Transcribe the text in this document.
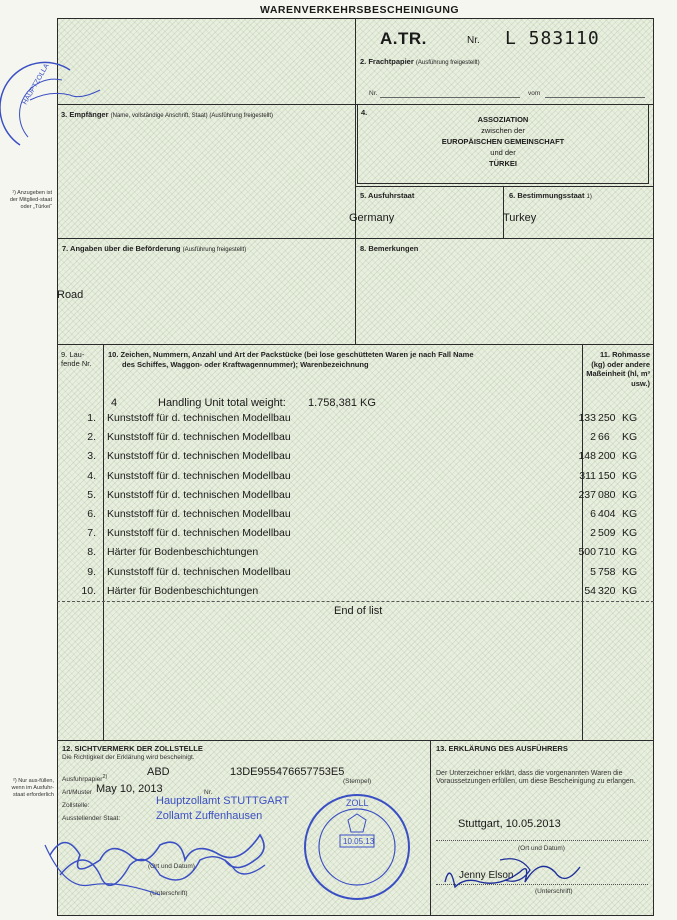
WARENVERKEHRSBESCHEINIGUNG
A.TR.	Nr. L 583110
2. Frachtpapier (Ausführung freigestellt)
Nr.	vom
3. Empfänger (Name, vollständige Anschrift, Staat) (Ausführung freigestellt)	ASSOZIATION
zwischen der
EUROPÄISCHEN GEMEINSCHAFT
und der
TÜRKEI
4.
5. Ausfuhrstaat
Germany
6. Bestimmungsstaat 1)
Turkey
¹) Anzugeben ist der Mitglied-staat oder „Türkei“
²) Nur aus-füllen, wenn im Ausfuhr-staat erforderlich
7. Angaben über die Beförderung (Ausführung freigestellt)
Road
8. Bemerkungen
9. Lau-fende Nr.
10. Zeichen, Nummern, Anzahl und Art der Packstücke (bei lose geschütteten Waren je nach Fall Name
des Schiffes, Waggon- oder Kraftwagennummer); Warenbezeichnung
11. Rohmasse (kg) oder andere Maßeinheit (hl, m³ usw.)
4	Handling Unit total weight: 1.758,381 KG
1. Kunststoff für d. technischen Modellbau	133 250 KG
2. Kunststoff für d. technischen Modellbau	2 66 KG
3. Kunststoff für d. technischen Modellbau	148 200 KG
4. Kunststoff für d. technischen Modellbau	311 150 KG
5. Kunststoff für d. technischen Modellbau	237 080 KG
6. Kunststoff für d. technischen Modellbau	6 404 KG
7. Kunststoff für d. technischen Modellbau	2 509 KG
8. Härter für Bodenbeschichtungen	500 710 KG
9. Kunststoff für d. technischen Modellbau	5 758 KG
10. Härter für Bodenbeschichtungen	54 320 KG
End of list
12. SICHTVERMERK DER ZOLLSTELLE
Die Richtigkeit der Erklärung wird bescheinigt.
Ausfuhrpapier$^{2)}$	ABD	13DE955476657753E5
(Stempel)
Art/Muster May 10, 2013	Nr.
Zollstelle:	Hauptzollamt STUTTGART
Ausstellender Staat:	Zollamt Zuffenhausen
(Ort und Datum)
(Unterschrift)
13. ERKLÄRUNG DES AUSFÜHRERS
Der Unterzeichner erklärt, dass die vorgenannten Waren die Voraussetzungen erfüllen, um diese Bescheinigung zu erlangen.
Stuttgart, 10.05.2013
(Ort und Datum)
Jenny Elson
(Unterschrift)
HAUPTZOLLA
ZOLL
10.05.13
